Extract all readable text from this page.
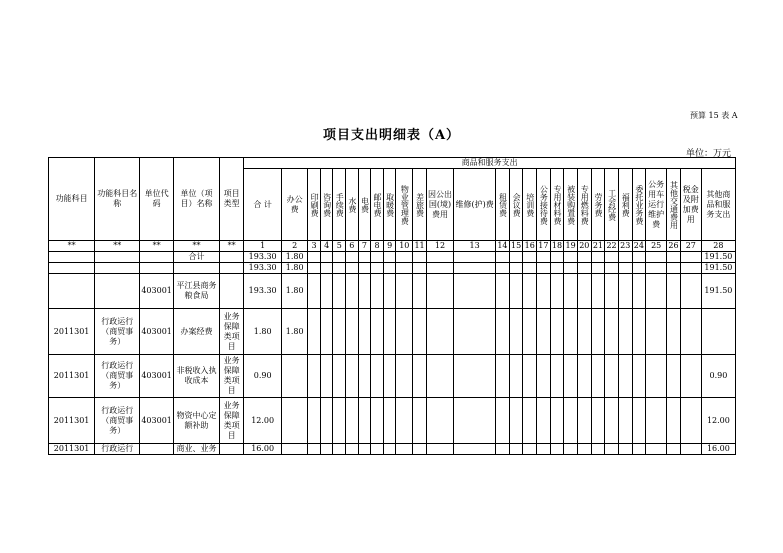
预算 15 表 A
项目支出明细表（A）
单位：万元
功能科目	功能科目名称	单位代码	单位（项目）名称	项目类型	商品和服务支出																											
					合 计	办公费	印刷费	咨询费	手续费	水费	电费	邮电费	取暖费	物业管理费	差旅费	因公出国(境)费用	维修(护)费	租赁费	会议费	培训费	公务接待费	专用材料费	被装购置费	专用燃料费	劳务费	工会经费	福利费	委托业务费	公务用车运行维护费	其他交通费用	税金及附加费用	其他商品和服务支出
**	**	**	**	**	1	2	3	4	5	6	7	8	9	10	11	12	13	14	15	16	17	18	19	20	21	22	23	24	25	26	27	28
			合计		193.30	1.80																										191.50
					193.30	1.80																										191.50
		403001	平江县商务粮食局		193.30	1.80																										191.50
2011301	行政运行（商贸事务）	403001	办案经费	业务保障类项目	1.80	1.80																										
2011301	行政运行（商贸事务）	403001	非税收入执收成本	业务保障类项目	0.90																											0.90
2011301	行政运行（商贸事务）	403001	物资中心定额补助	业务保障类项目	12.00																											12.00
2011301	行政运行		商业、业务		16.00																											16.00
